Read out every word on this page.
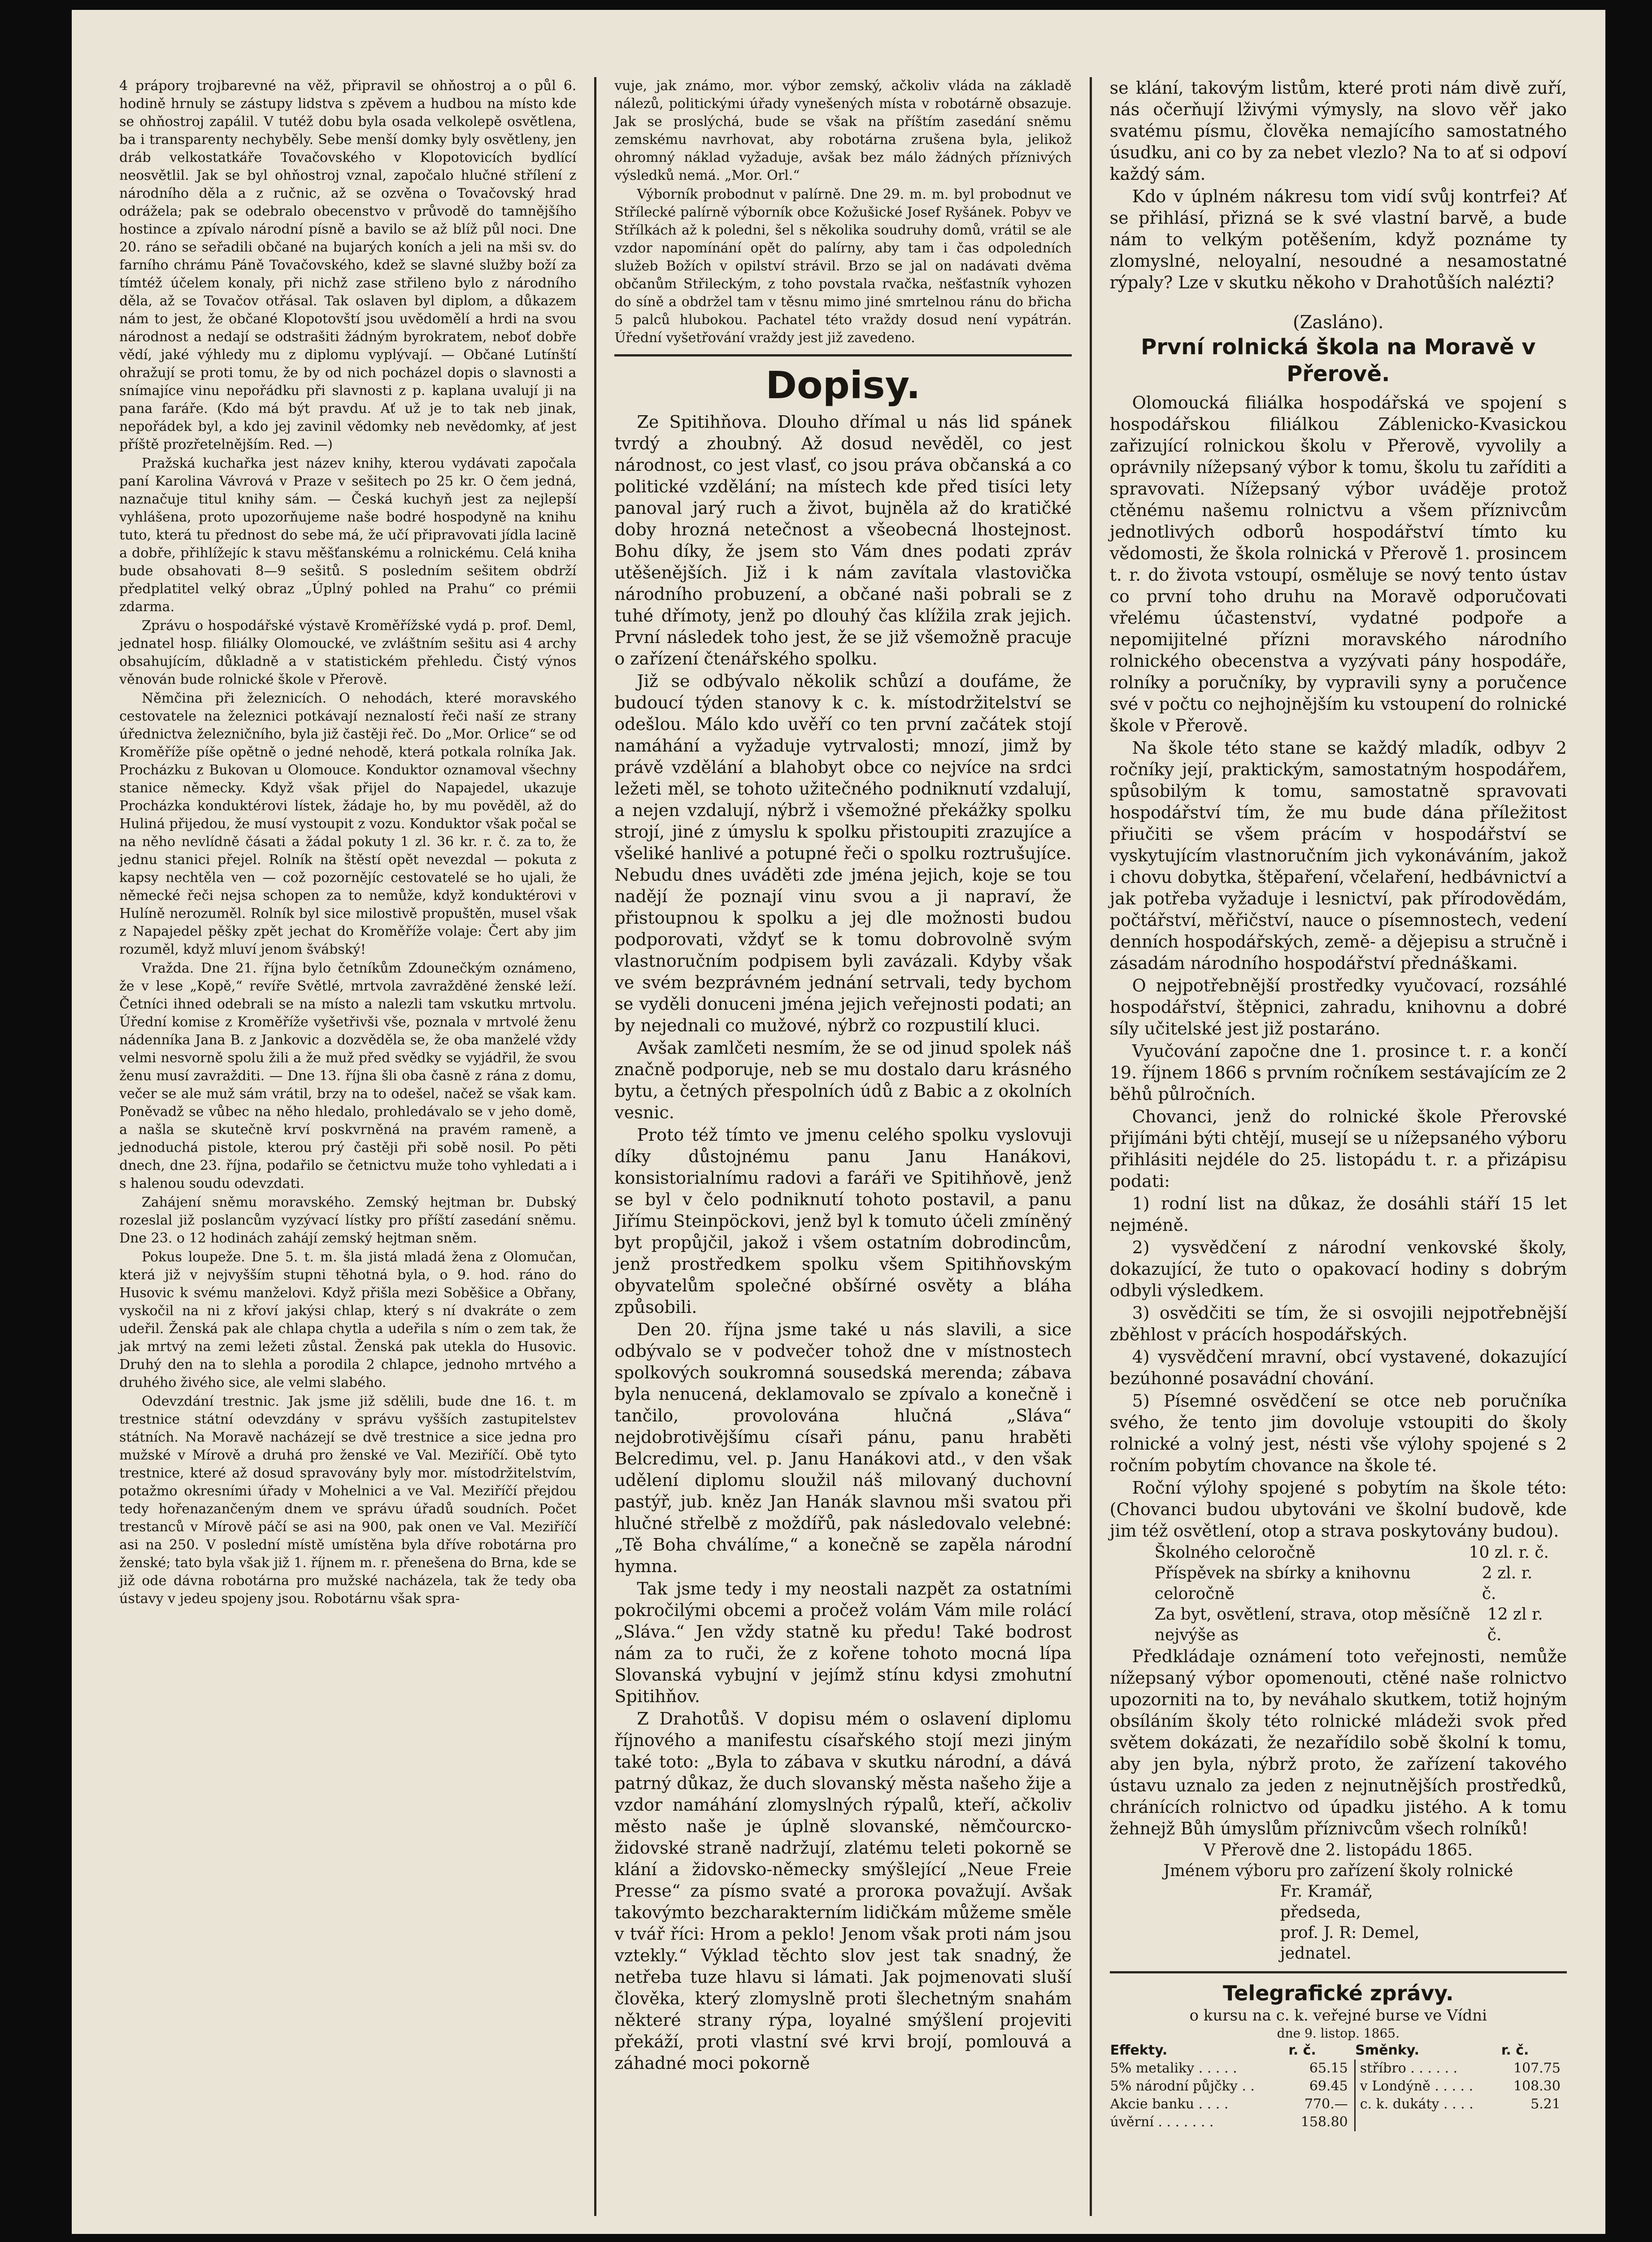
4 prápory trojbarevné na věž, připravil se ohňostroj a o půl 6. hodině hrnuly se zástupy lidstva s zpěvem a hudbou na místo kde se ohňostroj zapálil. V tutéž dobu byla osada velkolepě osvětlena, ba i transparenty nechyběly. Sebe menší domky byly osvětleny, jen dráb velkostatkáře Tovačovského v Klopotovicích bydlící neosvětlil. Jak se byl ohňostroj vznal, započalo hlučné střílení z národního děla a z ručnic, až se ozvěna o Tovačovský hrad odrážela; pak se odebralo obecenstvo v průvodě do tamnějšího hostince a zpívalo národní písně a bavilo se až blíž půl noci. Dne 20. ráno se seřadili občané na bujarých koních a jeli na mši sv. do farního chrámu Páně Tovačovského, kdež se slavné služby boží za tímtéž účelem konaly, při nichž zase střileno bylo z národního děla, až se Tovačov otřásal. Tak oslaven byl diplom, a důkazem nám to jest, že občané Klopotovští jsou uvědomělí a hrdi na svou národnost a nedají se odstrašiti žádným byrokratem, neboť dobře vědí, jaké výhledy mu z diplomu vyplývají. — Občané Lutínští ohražují se proti tomu, že by od nich pocházel dopis o slavnosti a snímajíce vinu nepořádku při slavnosti z p. kaplana uvalují ji na pana faráře. (Kdo má být pravdu. Ať už je to tak neb jinak, nepořádek byl, a kdo jej zavinil vědomky neb nevědomky, ať jest příště prozřetelnějším. Red. —)

Pražská kuchařka jest název knihy, kterou vydávati započala paní Karolina Vávrová v Praze v sešitech po 25 kr. O čem jedná, naznačuje titul knihy sám. — Česká kuchyň jest za nejlepší vyhlášena, proto upozorňujeme naše bodré hospodyně na knihu tuto, která tu přednost do sebe má, že učí připravovati jídla lacině a dobře, přihlížejíc k stavu měšťanskému a rolnickému. Celá kniha bude obsahovati 8—9 sešitů. S posledním sešitem obdrží předplatitel velký obraz „Úplný pohled na Prahu“ co prémii zdarma.

Zprávu o hospodářské výstavě Kroměřížské vydá p. prof. Deml, jednatel hosp. filiálky Olomoucké, ve zvláštním sešitu asi 4 archy obsahujícím, důkladně a v statistickém přehledu. Čistý výnos věnován bude rolnické škole v Přerově.

Němčina při železnicích. O nehodách, které moravského cestovatele na železnici potkávají neznalostí řeči naší ze strany úřednictva železničního, byla již častěji řeč. Do „Mor. Orlice“ se od Kroměříže píše opětně o jedné nehodě, která potkala rolníka Jak. Procházku z Bukovan u Olomouce. Konduktor oznamoval všechny stanice německy. Když však přijel do Napajedel, ukazuje Procházka konduktérovi lístek, žádaje ho, by mu pověděl, až do Huliná přijedou, že musí vystoupit z vozu. Konduktor však počal se na něho nevlídně čásati a žádal pokuty 1 zl. 36 kr. r. č. za to, že jednu stanici přejel. Rolník na štěstí opět nevezdal — pokuta z kapsy nechtěla ven — což pozornějíc cestovatelé se ho ujali, že německé řeči nejsa schopen za to nemůže, když konduktérovi v Hulíně nerozuměl. Rolník byl sice milostivě propuštěn, musel však z Napajedel pěšky zpět jechat do Kroměříže volaje: Čert aby jim rozuměl, když mluví jenom švábský!

Vražda. Dne 21. října bylo četníkům Zdounečkým oznámeno, že v lese „Kopě,“ revíře Světlé, mrtvola zavražděné ženské leží. Četníci ihned odebrali se na místo a nalezli tam vskutku mrtvolu. Úřední komise z Kroměříže vyšetřivši vše, poznala v mrtvolé ženu nádenníka Jana B. z Jankovic a dozvěděla se, že oba manželé vždy velmi nesvorně spolu žili a že muž před svědky se vyjádřil, že svou ženu musí zavražditi. — Dne 13. října šli oba časně z rána z domu, večer se ale muž sám vrátil, brzy na to odešel, načež se však kam. Poněvadž se vůbec na něho hledalo, prohledávalo se v jeho domě, a našla se skutečně krví poskvrněná na pravém rameně, a jednoduchá pistole, kterou prý častěji při sobě nosil. Po pěti dnech, dne 23. října, podařilo se četnictvu muže toho vyhledati a i s halenou soudu odevzdati.

Zahájení sněmu moravského. Zemský hejtman br. Dubský rozeslal již poslancům vyzývací lístky pro příští zasedání sněmu. Dne 23. o 12 hodinách zahájí zemský hejtman sněm.

Pokus loupeže. Dne 5. t. m. šla jistá mladá žena z Olomučan, která již v nejvyšším stupni těhotná byla, o 9. hod. ráno do Husovic k svému manželovi. Když přišla mezi Soběšice a Obřany, vyskočil na ni z křoví jakýsi chlap, který s ní dvakráte o zem udeřil. Ženská pak ale chlapa chytla a udeřila s ním o zem tak, že jak mrtvý na zemi ležeti zůstal. Ženská pak utekla do Husovic. Druhý den na to slehla a porodila 2 chlapce, jednoho mrtvého a druhého živého sice, ale velmi slabého.

Odevzdání trestnic. Jak jsme již sdělili, bude dne 16. t. m trestnice státní odevzdány v správu vyšších zastupitelstev státních. Na Moravě nacházejí se dvě trestnice a sice jedna pro mužské v Mírově a druhá pro ženské ve Val. Meziříčí. Obě tyto trestnice, které až dosud spravovány byly mor. místodržitelstvím, potažmo okresními úřady v Mohelnici a ve Val. Meziříčí přejdou tedy hořenazančeným dnem ve správu úřadů soudních. Počet trestanců v Mírově páčí se asi na 900, pak onen ve Val. Meziříčí asi na 250. V poslední místě umístěna byla dříve robotárna pro ženské; tato byla však již 1. říjnem m. r. přenešena do Brna, kde se již ode dávna robotárna pro mužské nacházela, tak že tedy oba ústavy v jedeu spojeny jsou. Robotárnu však spra-

vuje, jak známo, mor. výbor zemský, ačkoliv vláda na základě nálezů, politickými úřady vynešených místa v robotárně obsazuje. Jak se proslýchá, bude se však na příštím zasedání sněmu zemskému navrhovat, aby robotárna zrušena byla, jelikož ohromný náklad vyžaduje, avšak bez málo žádných příznivých výsledků nemá. „Mor. Orl.“

Výborník probodnut v palírně. Dne 29. m. m. byl probodnut ve Střílecké palírně výborník obce Kožušické Josef Ryšánek. Pobyv ve Střílkách až k poledni, šel s několika soudruhy domů, vrátil se ale vzdor napomínání opět do palírny, aby tam i čas odpoledních služeb Božích v opilství strávil. Brzo se jal on nadávati dvěma občanům Střileckým, z toho povstala rvačka, nešťastník vyhozen do síně a obdržel tam v těsnu mimo jiné smrtelnou ránu do břicha 5 palců hlubokou. Pachatel této vraždy dosud není vypátrán. Úřední vyšetřování vraždy jest již zavedeno.

Dopisy.

Ze Spitihňova. Dlouho dřímal u nás lid spánek tvrdý a zhoubný. Až dosud nevěděl, co jest národnost, co jest vlasť, co jsou práva občanská a co politické vzdělání; na místech kde před tisíci lety panoval jarý ruch a život, bujněla až do kratičké doby hrozná netečnost a všeobecná lhostejnost. Bohu díky, že jsem sto Vám dnes podati zpráv utěšenějších. Již i k nám zavítala vlastovička národního probuzení, a občané naši pobrali se z tuhé dřímoty, jenž po dlouhý čas klížila zrak jejich. První následek toho jest, že se již všemožně pracuje o zařízení čtenářského spolku.

Již se odbývalo několik schůzí a doufáme, že budoucí týden stanovy k c. k. místodržitelství se odešlou. Málo kdo uvěří co ten první začátek stojí namáhání a vyžaduje vytrvalosti; mnozí, jimž by právě vzdělání a blahobyt obce co nejvíce na srdci ležeti měl, se tohoto užitečného podniknutí vzdalují, a nejen vzdalují, nýbrž i všemožné překážky spolku strojí, jiné z úmyslu k spolku přistoupiti zrazujíce a všeliké hanlivé a potupné řeči o spolku roztrušujíce. Nebudu dnes uváděti zde jména jejich, koje se tou nadějí že poznají vinu svou a ji napraví, že přistoupnou k spolku a jej dle možnosti budou podporovati, vždyť se k tomu dobrovolně svým vlastnoručním podpisem byli zavázali. Kdyby však ve svém bezprávném jednání setrvali, tedy bychom se vyděli donuceni jména jejich veřejnosti podati; an by nejednali co mužové, nýbrž co rozpustilí kluci.

Avšak zamlčeti nesmím, že se od jinud spolek náš značně podporuje, neb se mu dostalo daru krásného bytu, a četných přespolních údů z Babic a z okolních vesnic.

Proto též tímto ve jmenu celého spolku vyslovuji díky důstojnému panu Janu Hanákovi, konsistorialnímu radovi a faráři ve Spitihňově, jenž se byl v čelo podniknutí tohoto postavil, a panu Jiřímu Steinpöckovi, jenž byl k tomuto účeli zmíněný byt propůjčil, jakož i všem ostatním dobrodincům, jenž prostředkem spolku všem Spitihňovským obyvatelům společné obšírné osvěty a bláha způsobili.

Den 20. října jsme také u nás slavili, a sice odbývalo se v podvečer tohož dne v místnostech spolkových soukromná sousedská merenda; zábava byla nenucená, deklamovalo se zpívalo a konečně i tančilo, provolována hlučná „Sláva“ nejdobrotivějšímu císaři pánu, panu hraběti Belcredimu, vel. p. Janu Hanákovi atd., v den však udělení diplomu sloužil náš milovaný duchovní pastýř, jub. kněz Jan Hanák slavnou mši svatou při hlučné střelbě z moždířů, pak následovalo velebné: „Tě Boha chválíme,“ a konečně se zapěla národní hymna.

Tak jsme tedy i my neostali nazpět za ostatními pokročilými obcemi a pročež volám Vám mile rolácí „Sláva.“ Jen vždy statně ku předu! Také bodrost nám za to ruči, že z kořene tohoto mocná lípa Slovanská vybujní v jejímž stínu kdysi zmohutní Spitihňov.

Z Drahotůš. V dopisu mém o oslavení diplomu říjnového a manifestu císařského stojí mezi jiným také toto: „Byla to zábava v skutku národní, a dává patrný důkaz, že duch slovanský města našeho žije a vzdor namáhání zlomyslných rýpalů, kteří, ačkoliv město naše je úplně slovanské, němčourско-židovské straně nadržují, zlatému teleti pokorně se klání a židovsko-německy smýšlející „Neue Freie Presse“ za písmo svaté a prorока považují. Avšak takovýmto bezcharakterním lidičkám můžeme směle v tvář říci: Hrom a peklo! Jenom však proti nám jsou vztekly.“ Výklad těchto slov jest tak snadný, že netřeba tuze hlavu si lámati. Jak pojmenovati sluší člověka, který zlomyslně proti šlechetným snahám některé strany rýpa, loyalné smýšlení projeviti překáží, proti vlastní své krvi brojí, pomlouvá a záhadné moci pokorně

se klání, takovým listům, které proti nám divě zuří, nás očerňují lživými výmysly, na slovo věř jako svatému písmu, člověka nemajícího samostatného úsudku, ani co by za nebet vlezlo? Na to ať si odpoví každý sám.

Kdo v úplném nákresu tom vidí svůj kontrfei? Ať se přihlásí, přizná se k své vlastní barvě, a bude nám to velkým potěšením, když poznáme ty zlomyslné, neloyalní, nesoudné a nesamostatné rýpaly? Lze v skutku někoho v Drahotůších nalézti?

(Zasláno).
První rolnická škola na Moravě v Přerově.

Olomoucká filiálka hospodářská ve spojení s hospodářskou filiálkou Záblenicko-Kvasickou zařizující rolnickou školu v Přerově, vyvolily a oprávnily nížepsaný výbor k tomu, školu tu zaříditi a spravovati. Nížepsaný výbor uváděje protož ctěnému našemu rolnictvu a všem příznivcům jednotlivých odborů hospodářství tímto ku vědomosti, že škola rolnická v Přerově 1. prosincem t. r. do života vstoupí, osměluje se nový tento ústav co první toho druhu na Moravě odporučovati vřelému účastenství, vydatné podpoře a nepomijitelné přízni moravského národního rolnického obecenstva a vyzývati pány hospodáře, rolníky a poručníky, by vypravili syny a poručence své v počtu co nejhojnějším ku vstoupení do rolnické škole v Přerově.

Na škole této stane se každý mladík, odbyv 2 ročníky její, praktickým, samostatným hospodářem, spůsobilým k tomu, samostatně spravovati hospodářství tím, že mu bude dána příležitost přiučiti se všem prácím v hospodářství se vyskytujícím vlastnoručním jich vykonáváním, jakož i chovu dobytka, štěpaření, včelaření, hedbávnictví a jak potřeba vyžaduje i lesnictví, pak přírodovědám, počtářství, měřičství, nauce o písemnostech, vedení denních hospodářských, země- a dějepisu a stručně i zásadám národního hospodářství přednáškami.

O nejpotřebnější prostředky vyučovací, rozsáhlé hospodářství, štěpnici, zahradu, knihovnu a dobré síly učitelské jest již postaráno.

Vyučování započne dne 1. prosince t. r. a končí 19. říjnem 1866 s prvním ročníkem sestávajícím ze 2 běhů půlročních.

Chovanci, jenž do rolnické škole Přerovské přijímáni býti chtějí, musejí se u nížepsaného výboru přihlásiti nejdéle do 25. listopádu t. r. a přizápisu podati:

1) rodní list na důkaz, že dosáhli stáří 15 let nejméně.

2) vysvědčení z národní venkovské školy, dokazující, že tuto o opakovací hodiny s dobrým odbyli výsledkem.

3) osvědčiti se tím, že si osvojili nejpotřebnější zběhlost v prácích hospodářských.

4) vysvědčení mravní, obcí vystavené, dokazující bezúhonné posavádní chování.

5) Písemné osvědčení se otce neb poručníka svého, že tento jim dovoluje vstoupiti do školy rolnické a volný jest, nésti vše výlohy spojené s 2 ročním pobytím chovance na škole té.

Roční výlohy spojené s pobytím na škole této: (Chovanci budou ubytováni ve školní budově, kde jim též osvětlení, otop a strava poskytovány budou).

Školného celoročně	10 zl. r. č.
Příspěvek na sbírky a knihovnu celoročně
2 zl. r. č.
Za byt, osvětlení, strava, otop měsíčně nejvýše as
12 zl r. č.

Předkládaje oznámení toto veřejnosti, nemůže nížepsaný výbor opomenouti, ctěné naše rolnictvo upozorniti na to, by neváhalo skutkem, totiž hojným obsíláním školy této rolnické mládeži svok před světem dokázati, že nezařídilo sobě školní k tomu, aby jen byla, nýbrž proto, že zařízení takového ústavu uznalo za jeden z nejnutnějších prostředků, chránících rolnictvo od úpadku jistého. A k tomu žehnejž Bůh úmyslům příznivcům všech rolníků!

V Přerově dne 2. listopádu 1865.
Jménem výboru pro zařízení školy rolnické
Fr. Kramář,
předseda,
prof. J. R: Demel,
jednatel.
Telegrafické zprávy.
o kursu na c. k. veřejné burse ve Vídni
dne 9. listop. 1865.
Effekty.	r. č.	Směnky.	r. č.
5% metaliky . . . . .	65.15	stříbro . . . . . .	107.75
5% národní půjčky . .	69.45	v Londýně . . . . .	108.30
Akcie banku . . . .	770.—	c. k. dukáty . . . .	5.21
úvěrní . . . . . . .	158.80		
